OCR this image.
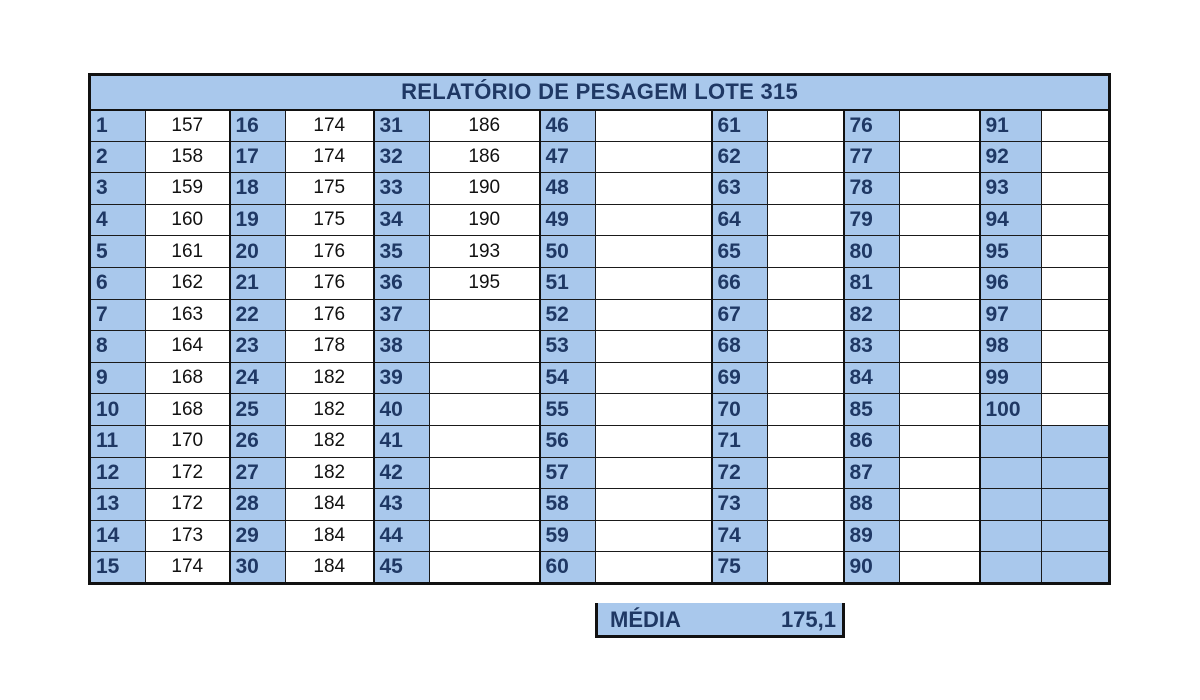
RELATÓRIO DE PESAGEM LOTE 315													
1	157	16	174	31	186	46		61		76		91	
2	158	17	174	32	186	47		62		77		92	
3	159	18	175	33	190	48		63		78		93	
4	160	19	175	34	190	49		64		79		94	
5	161	20	176	35	193	50		65		80		95	
6	162	21	176	36	195	51		66		81		96	
7	163	22	176	37		52		67		82		97	
8	164	23	178	38		53		68		83		98	
9	168	24	182	39		54		69		84		99	
10	168	25	182	40		55		70		85		100	
11	170	26	182	41		56		71		86			
12	172	27	182	42		57		72		87			
13	172	28	184	43		58		73		88			
14	173	29	184	44		59		74		89			
15	174	30	184	45		60		75		90			
MÉDIA	175,1
